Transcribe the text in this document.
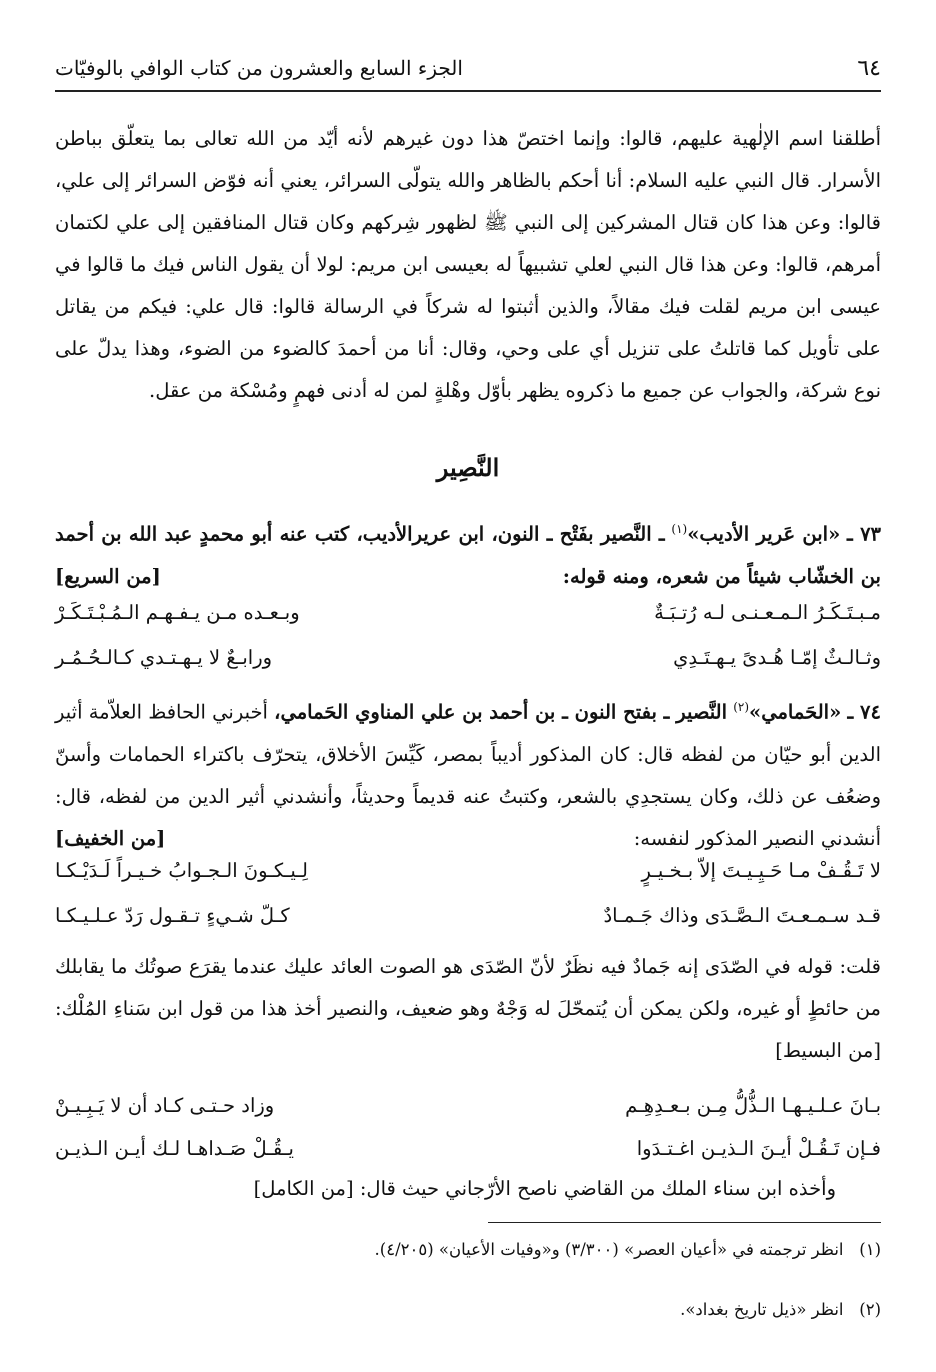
٦٤
الجزء السابع والعشرون من كتاب الوافي بالوفيّات

أطلقنا اسم الإلٰهية عليهم، قالوا: وإنما اختصّ هذا دون غيرهم لأنه أيّد من الله تعالى بما يتعلّق بباطن الأسرار. قال النبي عليه السلام: أنا أحكم بالظاهر والله يتولّى السرائر، يعني أنه فوّض السرائر إلى علي، قالوا: وعن هذا كان قتال المشركين إلى النبي ﷺ لظهور شِركهم وكان قتال المنافقين إلى علي لكتمان أمرهم، قالوا: وعن هذا قال النبي لعلي تشبيهاً له بعيسى ابن مريم: لولا أن يقول الناس فيك ما قالوا في عيسى ابن مريم لقلت فيك مقالاً، والذين أثبتوا له شركاً في الرسالة قالوا: قال علي: فيكم من يقاتل على تأويل كما قاتلتُ على تنزيل أي على وحي، وقال: أنا من أحمدَ كالضوء من الضوء، وهذا يدلّ على نوع شركة، والجواب عن جميع ما ذكروه يظهر بأوّل وهْلةٍ لمن له أدنى فهمٍ ومُسْكة من عقل.

النَّصِير
٧٣ ـ «ابن عَرير الأديب»$^{(١)}$ ـ النَّصير بفَتْح ـ النون، ابن عريرالأديب، كتب عنه أبو محمدٍ عبد الله بن أحمد بن الخشّاب شيئاً من شعره، ومنه قوله:
[من السريع]
مـبـتَـكَـرُ الـمـعـنـى لـه رُتـبَـةٌ
وبـعـده مـن يـفـهـم الـمُـبْـتَـكَـرْ
وثـالـثٌ إمّـا هُـدىً يـهـتَـدِي
ورابـعٌ لا يـهـتـدي كـالـحُـمُـر
٧٤ ـ «الحَمامي»$^{(٢)}$ النَّصير ـ بفتح النون ـ بن أحمد بن علي المناوي الحَمامي، أخبرني الحافظ العلاّمة أثير الدين أبو حيّان من لفظه قال: كان المذكور أديباً بمصر، كَيِّسَ الأخلاق، يتحرّف باكتراء الحمامات وأسنّ وضعُف عن ذلك، وكان يستجدِي بالشعر، وكتبتُ عنه قديماً وحديثاً، وأنشدني أثير الدين من لفظه، قال: أنشدني النصير المذكور لنفسه:
[من الخفيف]
لا تَـقُـفْ مـا حَـيِـيـتَ إلاّ بـخـيـرٍ
لِـيـكـونَ الـجـوابُ خـيـراً لَـدَيْـكـا
قـد سـمـعـتَ الـصَّـدَى وذاك جَـمـادٌ
كـلّ شـيءٍ تـقـول رَدّ عـلـيـكـا
قلت: قوله في الصّدَى إنه جَمادٌ فيه نظَرٌ لأنّ الصّدَى هو الصوت العائد عليك عندما يقرَع صوتُك ما يقابلك من حائطٍ أو غيره، ولكن يمكن أن يُتمحّلَ له وَجْهٌ وهو ضعيف، والنصير أخذ هذا من قول ابن سَناءِ المُلْك: [من البسيط]
بـانَ عـلـيـهـا الـذُّلُّ مِـن بـعـدِهِـم
وزاد حـتـى كـاد أن لا يَـبِـيـنْ
فـإن تَـقُـلْ أيـنَ الـذيـن اغـتـدَوا
يـقُـلْ صَـداهـا لـك أيـن الـذيـن
وأخذه ابن سناء الملك من القاضي ناصح الأرّجاني حيث قال: [من الكامل]
(١)   انظر ترجمته في «أعيان العصر» (٣/٣٠٠) و«وفيات الأعيان» (٤/٢٠٥).
(٢)   انظر «ذيل تاريخ بغداد».
